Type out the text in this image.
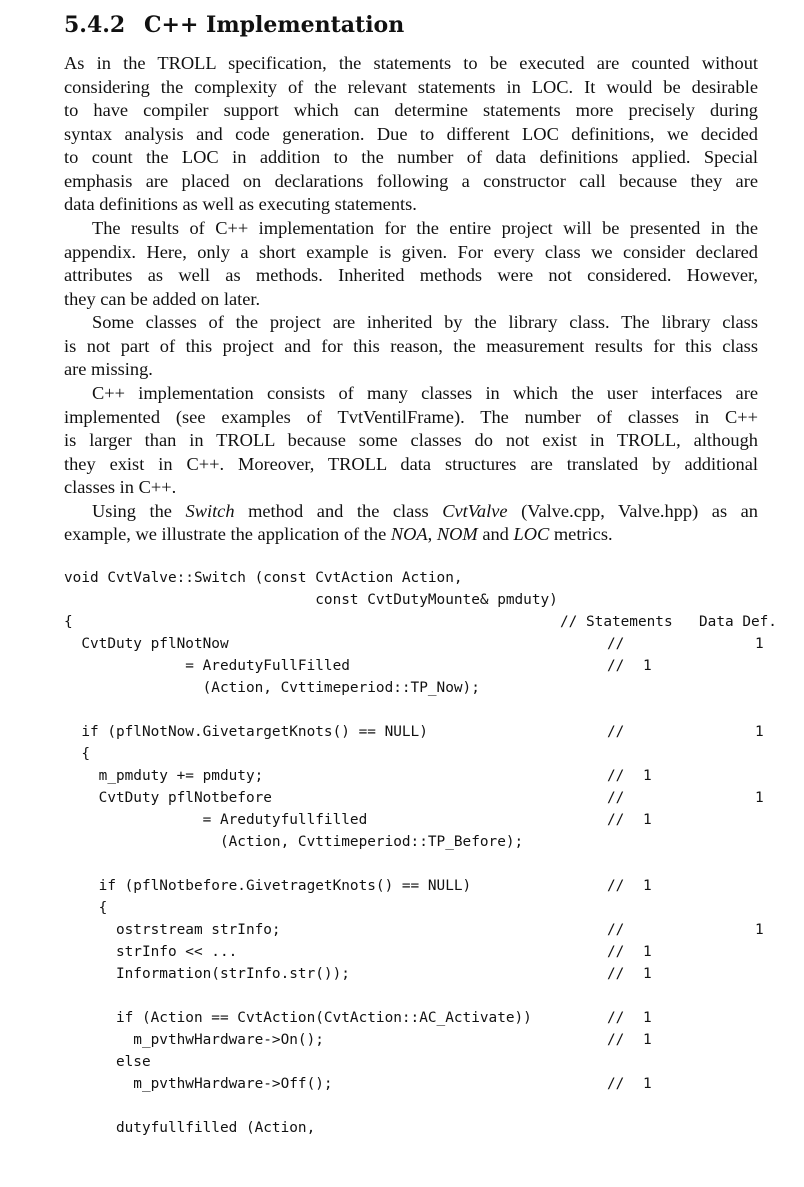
5.4.2 C++ Implementation
As in the TROLL specification, the statements to be executed are counted without
considering the complexity of the relevant statements in LOC. It would be desirable
to have compiler support which can determine statements more precisely during
syntax analysis and code generation. Due to different LOC definitions, we decided
to count the LOC in addition to the number of data definitions applied. Special
emphasis are placed on declarations following a constructor call because they are
data definitions as well as executing statements.
The results of C++ implementation for the entire project will be presented in the
appendix. Here, only a short example is given. For every class we consider declared
attributes as well as methods. Inherited methods were not considered. However,
they can be added on later.
Some classes of the project are inherited by the library class. The library class
is not part of this project and for this reason, the measurement results for this class
are missing.
C++ implementation consists of many classes in which the user interfaces are
implemented (see examples of TvtVentilFrame). The number of classes in C++
is larger than in TROLL because some classes do not exist in TROLL, although
they exist in C++. Moreover, TROLL data structures are translated by additional
classes in C++.
Using the Switch method and the class CvtValve (Valve.cpp, Valve.hpp) as an
example, we illustrate the application of the NOA, NOM and LOC metrics.
void CvtValve::Switch (const CvtAction Action,
const CvtDutyMounte& pmduty)
{	// Statements Data Def.
CvtDuty pflNotNow	//	1
= AredutyFullFilled	// 1
(Action, Cvttimeperiod::TP_Now);
if (pflNotNow.GivetargetKnots() == NULL)	//	1
{
m_pmduty += pmduty;	// 1
CvtDuty pflNotbefore	//	1
= Aredutyfullfilled	// 1
(Action, Cvttimeperiod::TP_Before);
if (pflNotbefore.GivetragetKnots() == NULL)	// 1
{
ostrstream strInfo;	//	1
strInfo << ...	// 1
Information(strInfo.str());	// 1
if (Action == CvtAction(CvtAction::AC_Activate))	// 1
m_pvthwHardware->On();	// 1
else
m_pvthwHardware->Off();	// 1
dutyfullfilled (Action,
